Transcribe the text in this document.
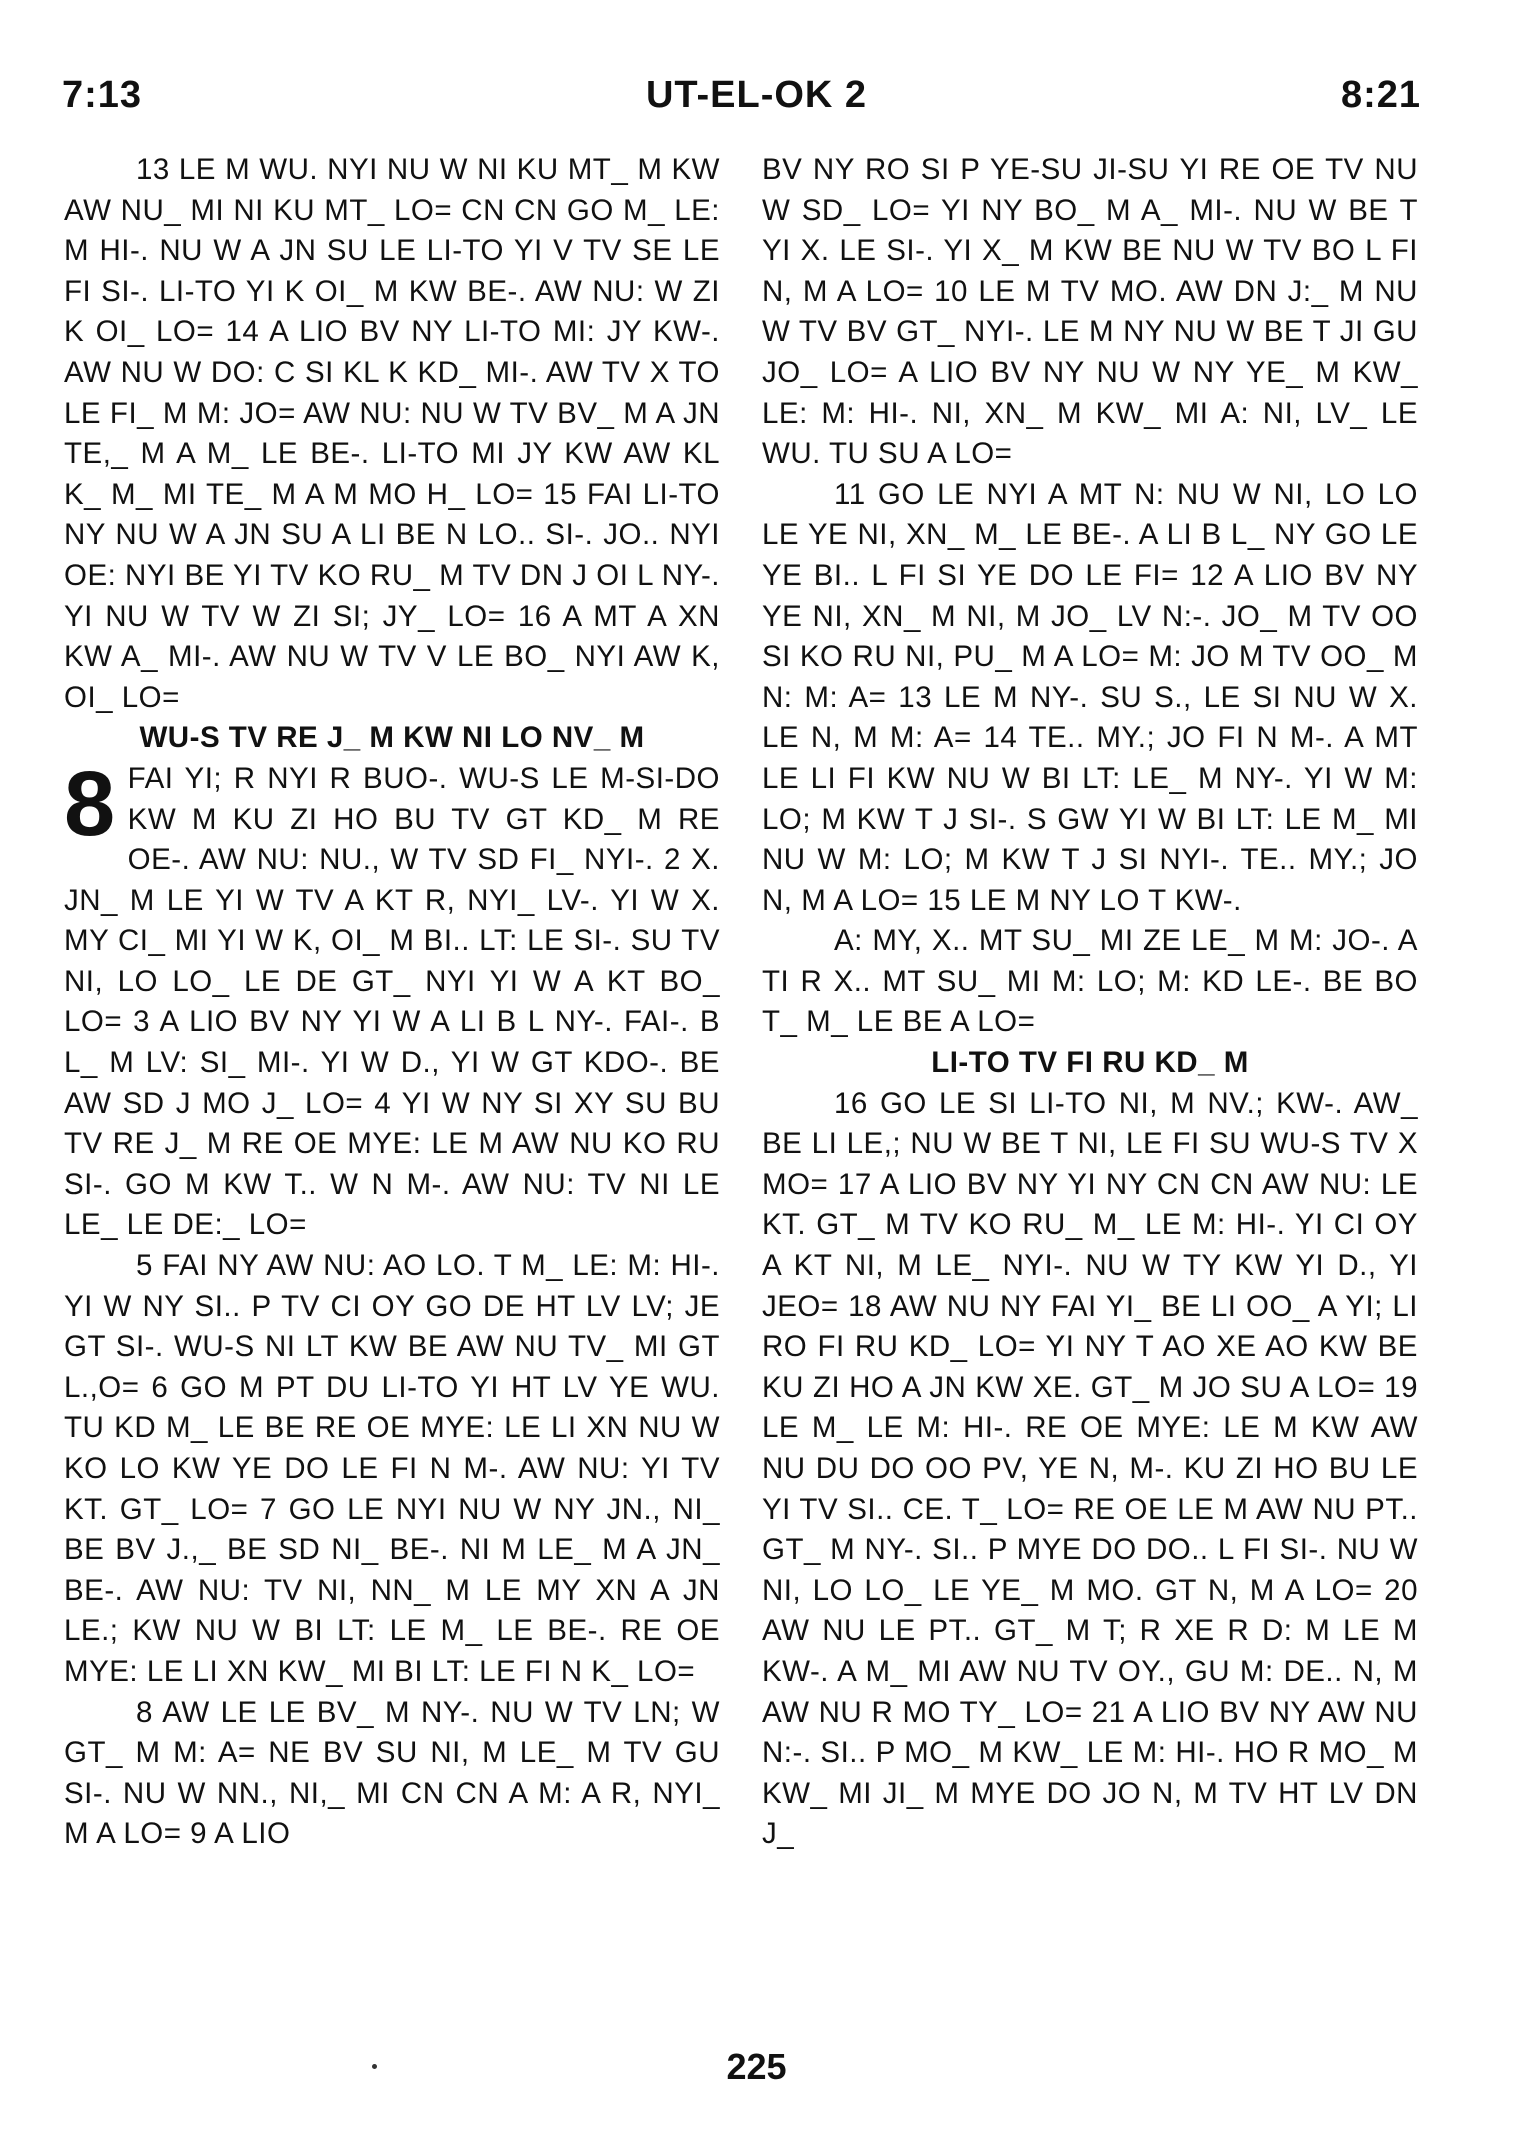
7:13	UT-EL-OK 2	8:21

13 LE M WU. NYI NU W NI KU MT_ M KW AW NU_ MI NI KU MT_ LO= CN CN GO M_ LE: M HI-. NU W A JN SU LE LI-TO YI V TV SE LE FI SI-. LI-TO YI K OI_ M KW BE-. AW NU: W ZI K OI_ LO= 14 A LIO BV NY LI-TO MI: JY KW-. AW NU W DO: C SI KL K KD_ MI-. AW TV X TO LE FI_ M M: JO= AW NU: NU W TV BV_ M A JN TE,_ M A M_ LE BE-. LI-TO MI JY KW AW KL K_ M_ MI TE_ M A M MO H_ LO= 15 FAI LI-TO NY NU W A JN SU A LI BE N LO.. SI-. JO.. NYI OE: NYI BE YI TV KO RU_ M TV DN J OI L NY-. YI NU W TV W ZI SI; JY_ LO= 16 A MT A XN KW A_ MI-. AW NU W TV V LE BO_ NYI AW K, OI_ LO=

WU-S TV RE J_ M KW NI LO NV_ M

8 FAI YI; R NYI R BUO-. WU-S LE M-SI-DO KW M KU ZI HO BU TV GT KD_ M RE OE-. AW NU: NU., W TV SD FI_ NYI-. 2 X. JN_ M LE YI W TV A KT R, NYI_ LV-. YI W X. MY CI_ MI YI W K, OI_ M BI.. LT: LE SI-. SU TV NI, LO LO_ LE DE GT_ NYI YI W A KT BO_ LO= 3 A LIO BV NY YI W A LI B L NY-. FAI-. B L_ M LV: SI_ MI-. YI W D., YI W GT KDO-. BE AW SD J MO J_ LO= 4 YI W NY SI XY SU BU TV RE J_ M RE OE MYE: LE M AW NU KO RU SI-. GO M KW T.. W N M-. AW NU: TV NI LE LE_ LE DE:_ LO=

5 FAI NY AW NU: AO LO. T M_ LE: M: HI-. YI W NY SI.. P TV CI OY GO DE HT LV LV; JE GT SI-. WU-S NI LT KW BE AW NU TV_ MI GT L.,O= 6 GO M PT DU LI-TO YI HT LV YE WU. TU KD M_ LE BE RE OE MYE: LE LI XN NU W KO LO KW YE DO LE FI N M-. AW NU: YI TV KT. GT_ LO= 7 GO LE NYI NU W NY JN., NI_ BE BV J.,_ BE SD NI_ BE-. NI M LE_ M A JN_ BE-. AW NU: TV NI, NN_ M LE MY XN A JN LE.; KW NU W BI LT: LE M_ LE BE-. RE OE MYE: LE LI XN KW_ MI BI LT: LE FI N K_ LO=

8 AW LE LE BV_ M NY-. NU W TV LN; W GT_ M M: A= NE BV SU NI, M LE_ M TV GU SI-. NU W NN., NI,_ MI CN CN A M: A R, NYI_ M A LO= 9 A LIO

BV NY RO SI P YE-SU JI-SU YI RE OE TV NU W SD_ LO= YI NY BO_ M A_ MI-. NU W BE T YI X. LE SI-. YI X_ M KW BE NU W TV BO L FI N, M A LO= 10 LE M TV MO. AW DN J:_ M NU W TV BV GT_ NYI-. LE M NY NU W BE T JI GU JO_ LO= A LIO BV NY NU W NY YE_ M KW_ LE: M: HI-. NI, XN_ M KW_ MI A: NI, LV_ LE WU. TU SU A LO=

11 GO LE NYI A MT N: NU W NI, LO LO LE YE NI, XN_ M_ LE BE-. A LI B L_ NY GO LE YE BI.. L FI SI YE DO LE FI= 12 A LIO BV NY YE NI, XN_ M NI, M JO_ LV N:-. JO_ M TV OO SI KO RU NI, PU_ M A LO= M: JO M TV OO_ M N: M: A= 13 LE M NY-. SU S., LE SI NU W X. LE N, M M: A= 14 TE.. MY.; JO FI N M-. A MT LE LI FI KW NU W BI LT: LE_ M NY-. YI W M: LO; M KW T J SI-. S GW YI W BI LT: LE M_ MI NU W M: LO; M KW T J SI NYI-. TE.. MY.; JO N, M A LO= 15 LE M NY LO T KW-.

A: MY, X.. MT SU_ MI ZE LE_ M M: JO-. A TI R X.. MT SU_ MI M: LO; M: KD LE-. BE BO T_ M_ LE BE A LO=

LI-TO TV FI RU KD_ M

16 GO LE SI LI-TO NI, M NV.; KW-. AW_ BE LI LE,; NU W BE T NI, LE FI SU WU-S TV X MO= 17 A LIO BV NY YI NY CN CN AW NU: LE KT. GT_ M TV KO RU_ M_ LE M: HI-. YI CI OY A KT NI, M LE_ NYI-. NU W TY KW YI D., YI JEO= 18 AW NU NY FAI YI_ BE LI OO_ A YI; LI RO FI RU KD_ LO= YI NY T AO XE AO KW BE KU ZI HO A JN KW XE. GT_ M JO SU A LO= 19 LE M_ LE M: HI-. RE OE MYE: LE M KW AW NU DU DO OO PV, YE N, M-. KU ZI HO BU LE YI TV SI.. CE. T_ LO= RE OE LE M AW NU PT.. GT_ M NY-. SI.. P MYE DO DO.. L FI SI-. NU W NI, LO LO_ LE YE_ M MO. GT N, M A LO= 20 AW NU LE PT.. GT_ M T; R XE R D: M LE M KW-. A M_ MI AW NU TV OY., GU M: DE.. N, M AW NU R MO TY_ LO= 21 A LIO BV NY AW NU N:-. SI.. P MO_ M KW_ LE M: HI-. HO R MO_ M KW_ MI JI_ M MYE DO JO N, M TV HT LV DN J_

225
